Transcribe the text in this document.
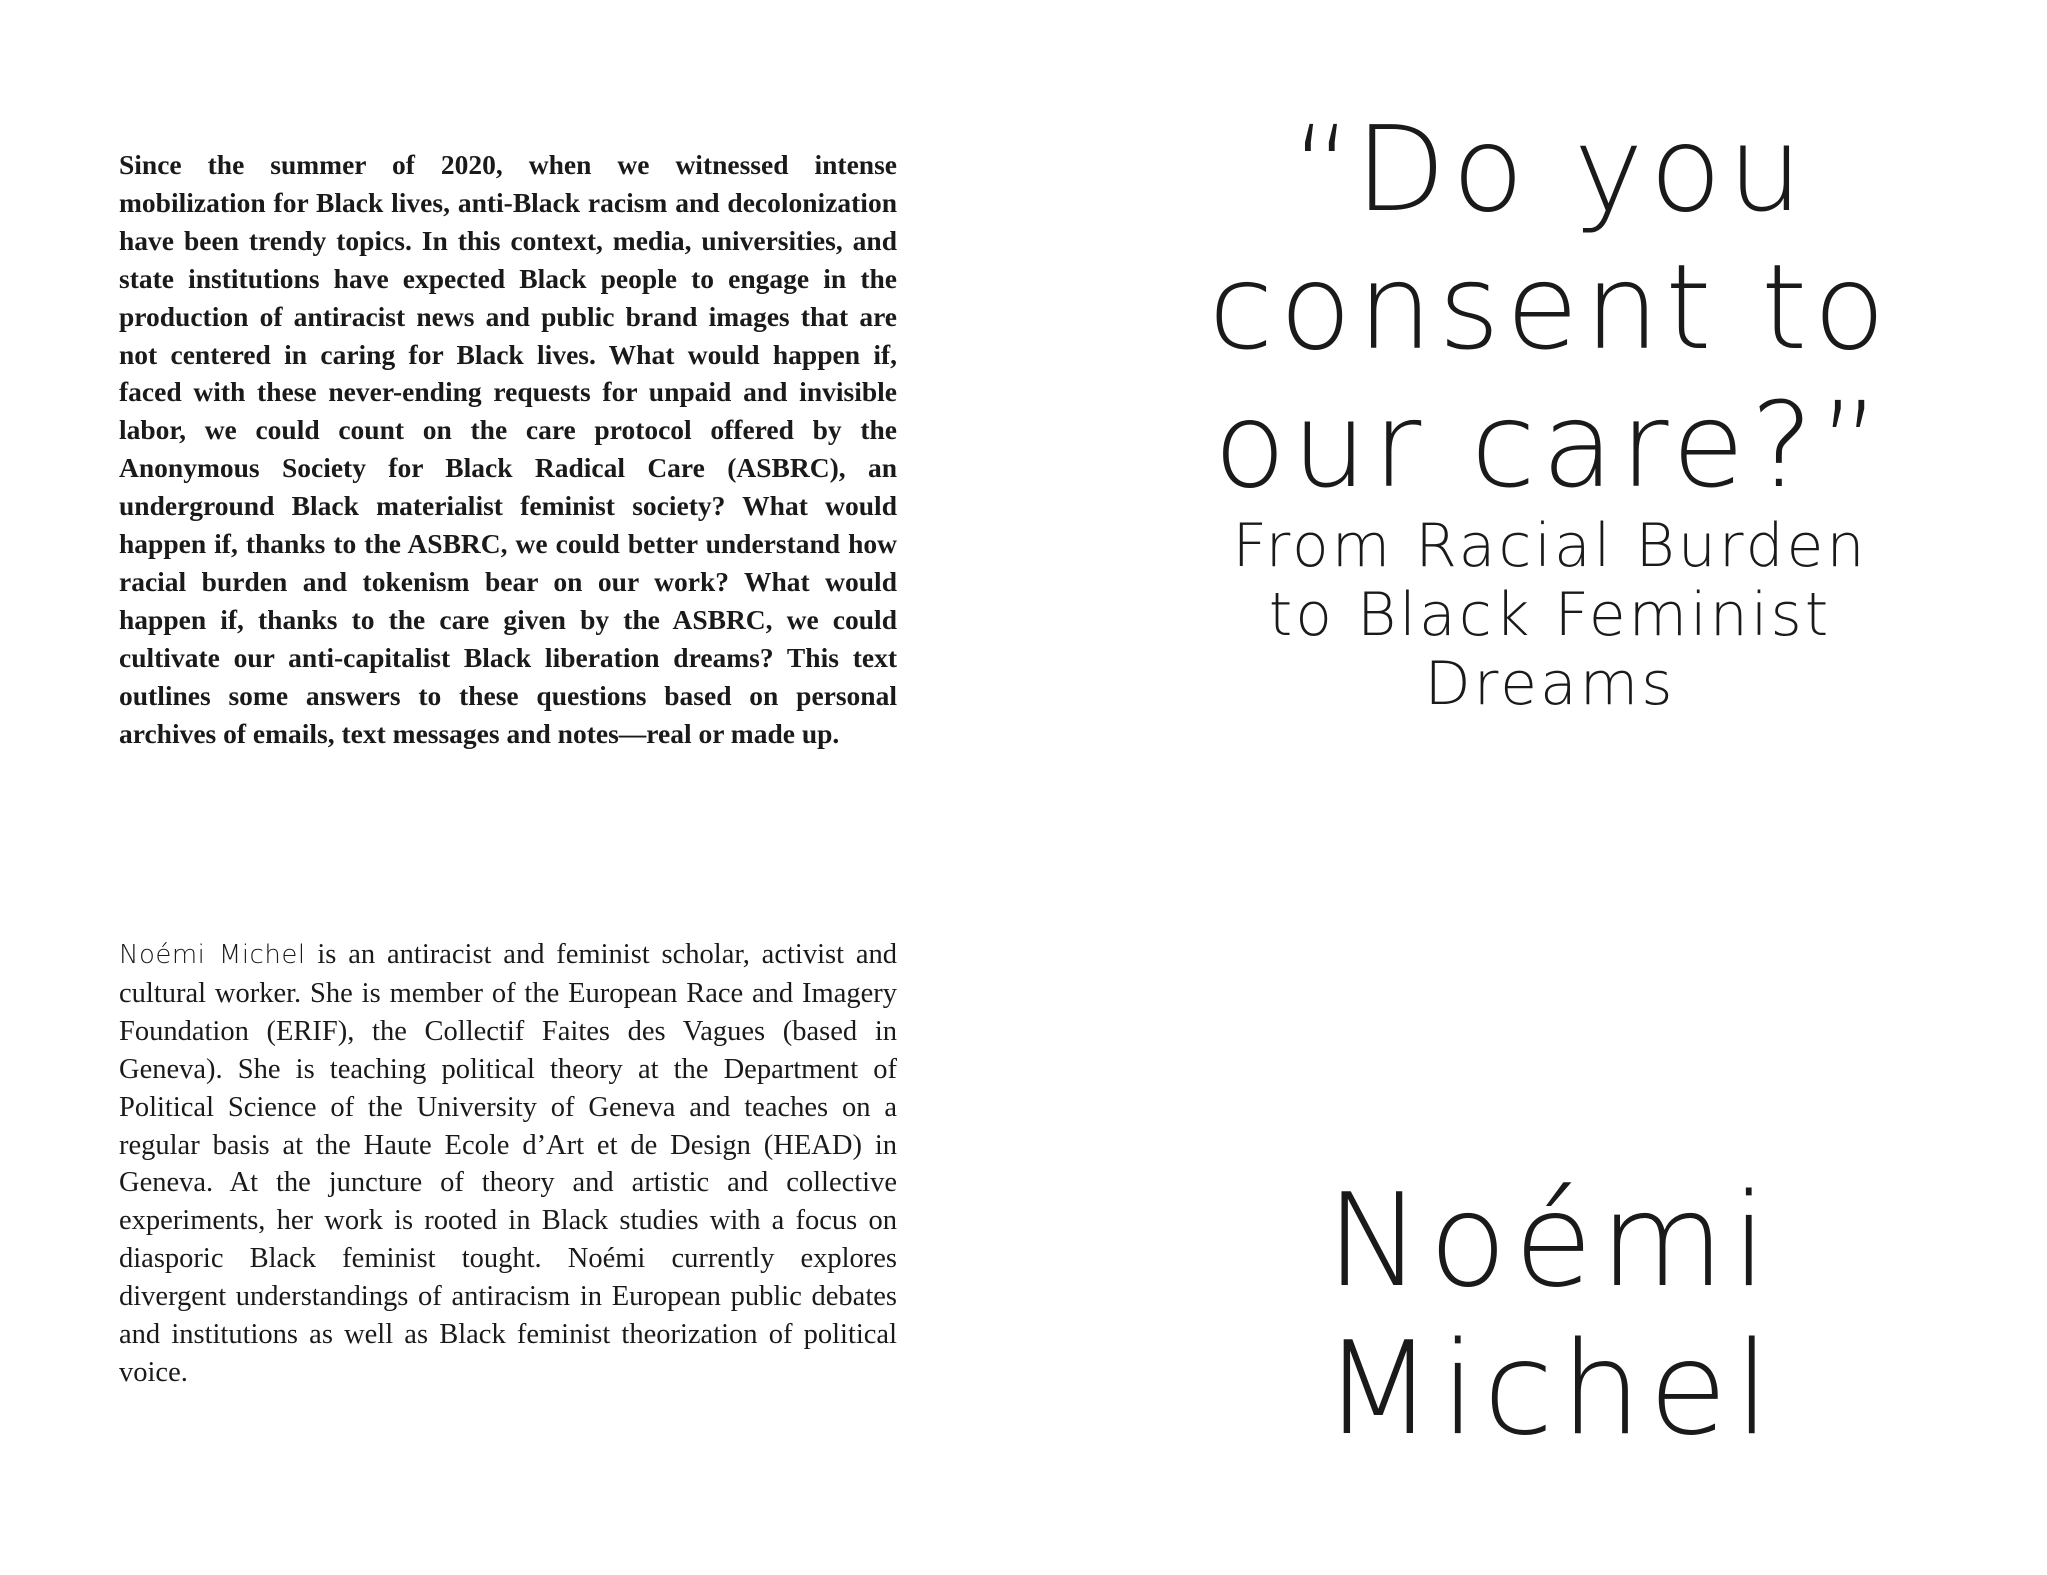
Since the summer of 2020, when we witnessed intense mobilization for Black lives, anti-Black racism and decolonization have been trendy topics. In this context, media, universities, and state institutions have expected Black people to engage in the production of antiracist news and public brand images that are not centered in caring for Black lives. What would happen if, faced with these never-ending requests for unpaid and invisible labor, we could count on the care protocol offered by the Anonymous Society for Black Radical Care (ASBRC), an underground Black materialist feminist society? What would happen if, thanks to the ASBRC, we could better understand how racial burden and tokenism bear on our work? What would happen if, thanks to the care given by the ASBRC, we could cultivate our anti-capitalist Black liberation dreams? This text outlines some answers to these questions based on personal archives of emails, text messages and notes—real or made up.

Noémi Michel is an antiracist and feminist scholar, activist and cultural worker. She is member of the European Race and Imagery Foundation (ERIF), the Collectif Faites des Vagues (based in Geneva). She is teaching political theory at the Department of Political Science of the University of Geneva and teaches on a regular basis at the Haute Ecole d’Art et de Design (HEAD) in Geneva. At the juncture of theory and artistic and collective experiments, her work is rooted in Black studies with a focus on diasporic Black feminist tought. Noémi currently explores divergent understandings of antiracism in European public debates and institutions as well as Black feminist theorization of political voice.

“Do you
consent to
our care?”
From Racial Burden
to Black Feminist
Dreams
Noémi
Michel
